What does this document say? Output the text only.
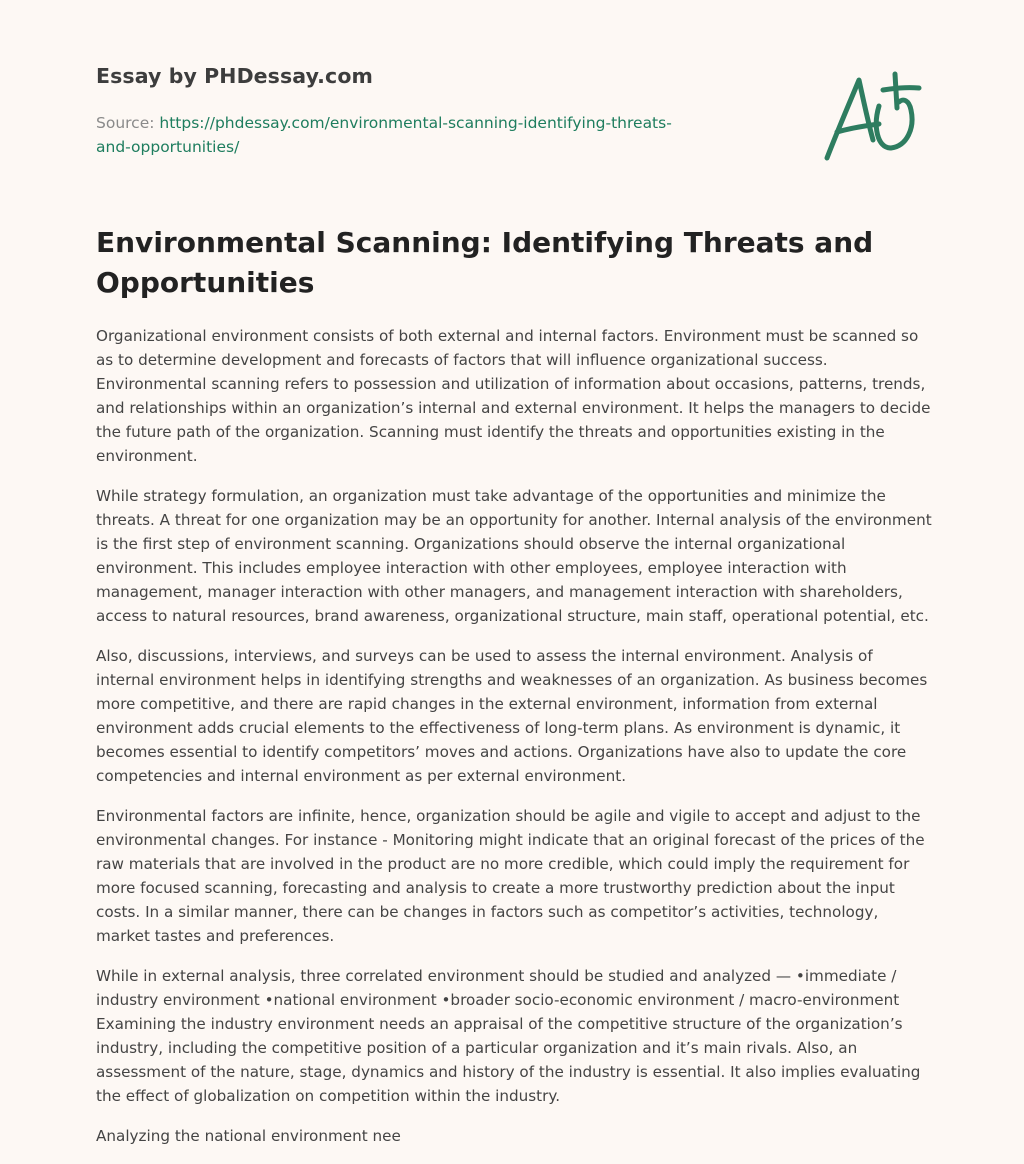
Essay by PHDessay.com
Source: https://phdessay.com/environmental-scanning-identifying-threats-and-opportunities/
Environmental Scanning: Identifying Threats and Opportunities

Organizational environment consists of both external and internal factors. Environment must be scanned so as to determine development and forecasts of factors that will influence organizational success. Environmental scanning refers to possession and utilization of information about occasions, patterns, trends, and relationships within an organization’s internal and external environment. It helps the managers to decide the future path of the organization. Scanning must identify the threats and opportunities existing in the environment.

While strategy formulation, an organization must take advantage of the opportunities and minimize the threats. A threat for one organization may be an opportunity for another. Internal analysis of the environment is the first step of environment scanning. Organizations should observe the internal organizational environment. This includes employee interaction with other employees, employee interaction with management, manager interaction with other managers, and management interaction with shareholders, access to natural resources, brand awareness, organizational structure, main staff, operational potential, etc.

Also, discussions, interviews, and surveys can be used to assess the internal environment. Analysis of internal environment helps in identifying strengths and weaknesses of an organization. As business becomes more competitive, and there are rapid changes in the external environment, information from external environment adds crucial elements to the effectiveness of long-term plans. As environment is dynamic, it becomes essential to identify competitors’ moves and actions. Organizations have also to update the core competencies and internal environment as per external environment.

Environmental factors are infinite, hence, organization should be agile and vigile to accept and adjust to the environmental changes. For instance - Monitoring might indicate that an original forecast of the prices of the raw materials that are involved in the product are no more credible, which could imply the requirement for more focused scanning, forecasting and analysis to create a more trustworthy prediction about the input costs. In a similar manner, there can be changes in factors such as competitor’s activities, technology, market tastes and preferences.

While in external analysis, three correlated environment should be studied and analyzed — •immediate / industry environment •national environment •broader socio-economic environment / macro-environment Examining the industry environment needs an appraisal of the competitive structure of the organization’s industry, including the competitive position of a particular organization and it’s main rivals. Also, an assessment of the nature, stage, dynamics and history of the industry is essential. It also implies evaluating the effect of globalization on competition within the industry.

Analyzing the national environment nee
